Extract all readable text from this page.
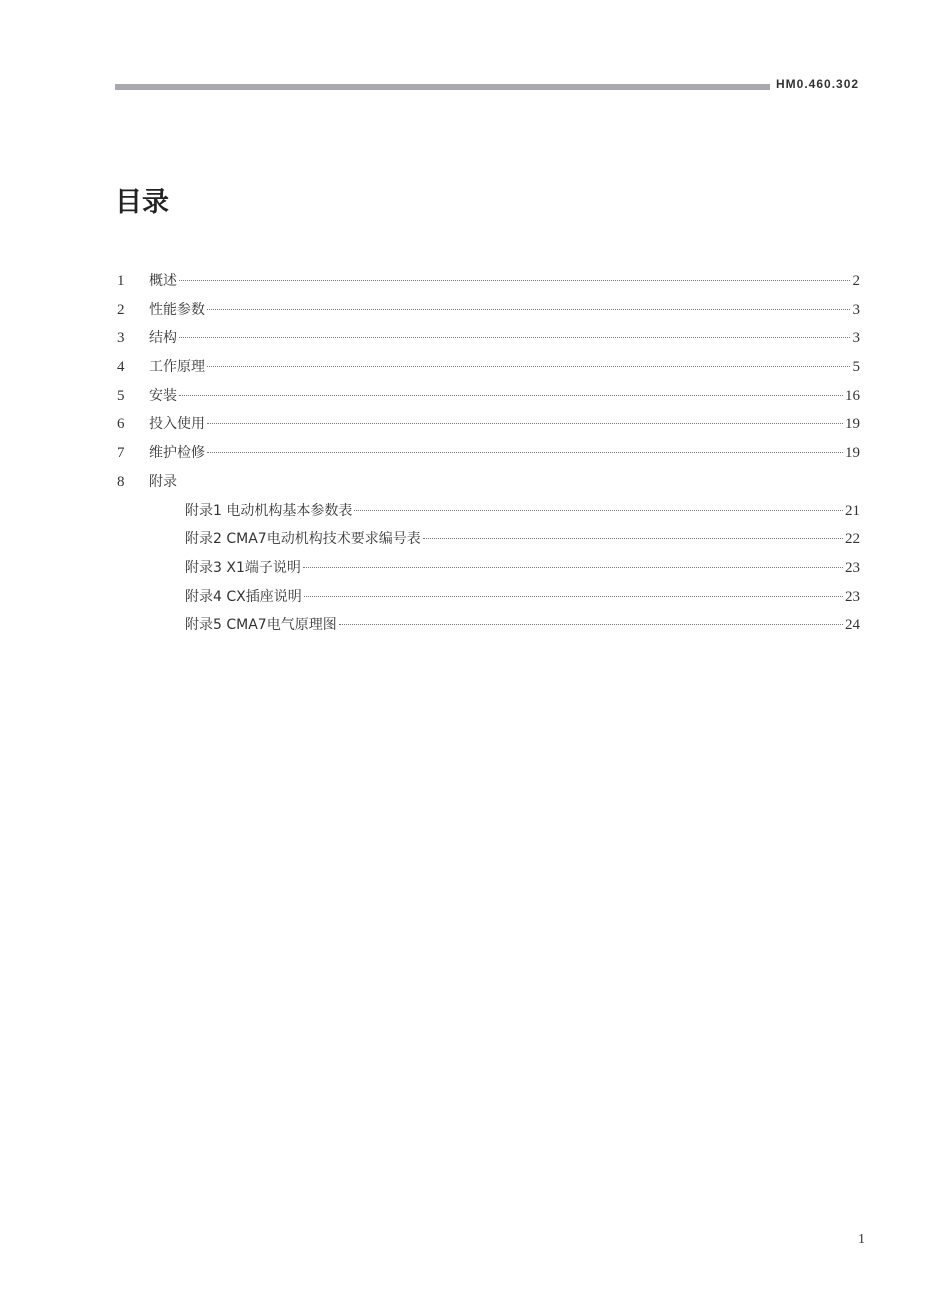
HM0.460.302
目录
1	概述	2
2	性能参数	3
3	结构	3
4	工作原理	5
5	安装	16
6	投入使用	19
7	维护检修	19
8	附录
附录1 电动机构基本参数表	21
附录2 CMA7电动机构技术要求编号表	22
附录3 X1端子说明	23
附录4 CX插座说明	23
附录5 CMA7电气原理图	24
1
